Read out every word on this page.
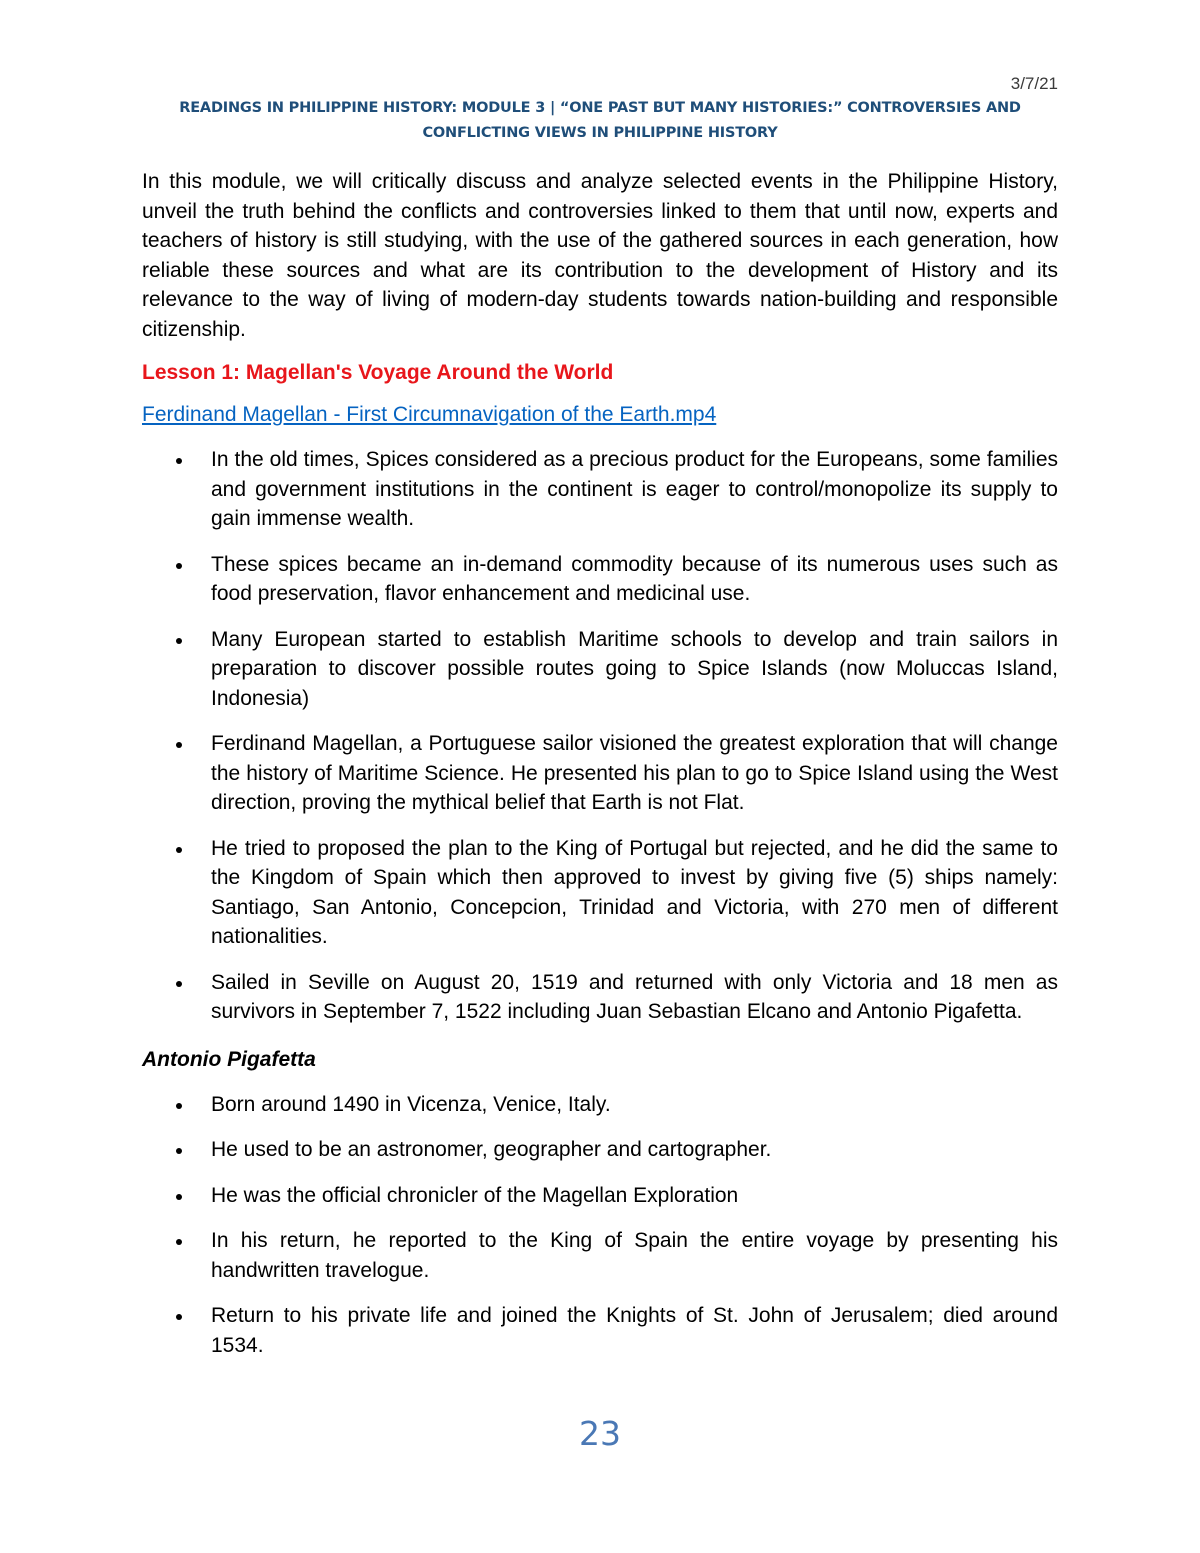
3/7/21
READINGS IN PHILIPPINE HISTORY: MODULE 3 | “ONE PAST BUT MANY HISTORIES:” CONTROVERSIES AND
CONFLICTING VIEWS IN PHILIPPINE HISTORY

In this module, we will critically discuss and analyze selected events in the Philippine History, unveil the truth behind the conflicts and controversies linked to them that until now, experts and teachers of history is still studying, with the use of the gathered sources in each generation, how reliable these sources and what are its contribution to the development of History and its relevance to the way of living of modern-day students towards nation-building and responsible citizenship.

Lesson 1: Magellan's Voyage Around the World
Ferdinand Magellan - First Circumnavigation of the Earth.mp4
In the old times, Spices considered as a precious product for the Europeans, some families and government institutions in the continent is eager to control/monopolize its supply to gain immense wealth.
These spices became an in-demand commodity because of its numerous uses such as food preservation, flavor enhancement and medicinal use.
Many European started to establish Maritime schools to develop and train sailors in preparation to discover possible routes going to Spice Islands (now Moluccas Island, Indonesia)
Ferdinand Magellan, a Portuguese sailor visioned the greatest exploration that will change the history of Maritime Science. He presented his plan to go to Spice Island using the West direction, proving the mythical belief that Earth is not Flat.
He tried to proposed the plan to the King of Portugal but rejected, and he did the same to the Kingdom of Spain which then approved to invest by giving five (5) ships namely: Santiago, San Antonio, Concepcion, Trinidad and Victoria, with 270 men of different nationalities.
Sailed in Seville on August 20, 1519 and returned with only Victoria and 18 men as survivors in September 7, 1522 including Juan Sebastian Elcano and Antonio Pigafetta.
Antonio Pigafetta
Born around 1490 in Vicenza, Venice, Italy.
He used to be an astronomer, geographer and cartographer.
He was the official chronicler of the Magellan Exploration
In his return, he reported to the King of Spain the entire voyage by presenting his handwritten travelogue.
Return to his private life and joined the Knights of St. John of Jerusalem; died around 1534.
23
